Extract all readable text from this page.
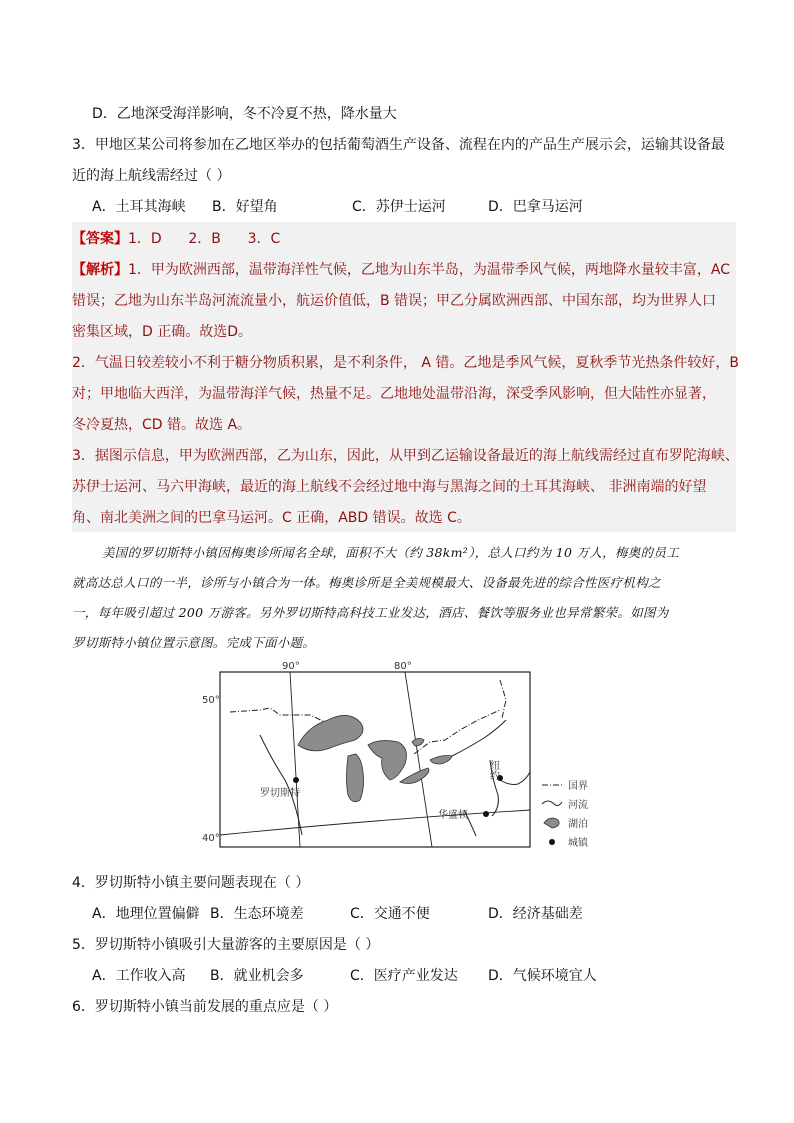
D．乙地深受海洋影响，冬不冷夏不热，降水量大
3．甲地区某公司将参加在乙地区举办的包括葡萄酒生产设备、流程在内的产品生产展示会，运输其设备最
近的海上航线需经过（ ）
A．土耳其海峡 B．好望角	C．苏伊士运河	D．巴拿马运河
【答案】1．D      2．B      3．C
【解析】1．甲为欧洲西部，温带海洋性气候，乙地为山东半岛，为温带季风气候，两地降水量较丰富，AC
错误；乙地为山东半岛河流流量小，航运价值低，B 错误；甲乙分属欧洲西部、中国东部，均为世界人口
密集区域，D 正确。故选D。
2．气温日较差较小不利于糖分物质积累，是不利条件， A 错。乙地是季风气候，夏秋季节光热条件较好，B
对；甲地临大西洋，为温带海洋气候，热量不足。乙地地处温带沿海，深受季风影响，但大陆性亦显著，
冬冷夏热，CD 错。故选 A。
3．据图示信息，甲为欧洲西部，乙为山东，因此，从甲到乙运输设备最近的海上航线需经过直布罗陀海峡、
苏伊士运河、马六甲海峡，最近的海上航线不会经过地中海与黑海之间的土耳其海峡、 非洲南端的好望
角、南北美洲之间的巴拿马运河。C 正确，ABD 错误。故选 C。
美国的罗切斯特小镇因梅奥诊所闻名全球，面积不大（约 38km²），总人口约为 10 万人，梅奥的员工
就高达总人口的一半，诊所与小镇合为一体。梅奥诊所是全美规模最大、设备最先进的综合性医疗机构之
一，每年吸引超过 200 万游客。另外罗切斯特高科技工业发达，酒店、餐饮等服务业也异常繁荣。如图为
罗切斯特小镇位置示意图。完成下面小题。
罗切斯特
纽约
华盛顿
90°	80°
50°
40°
国界
河流
湖泊
城镇
4．罗切斯特小镇主要问题表现在（ ）
A．地理位置偏僻 B．生态环境差	C．交通不便	D．经济基础差
5．罗切斯特小镇吸引大量游客的主要原因是（ ）
A．工作收入高 B．就业机会多	C．医疗产业发达 D．气候环境宜人
6．罗切斯特小镇当前发展的重点应是（ ）
